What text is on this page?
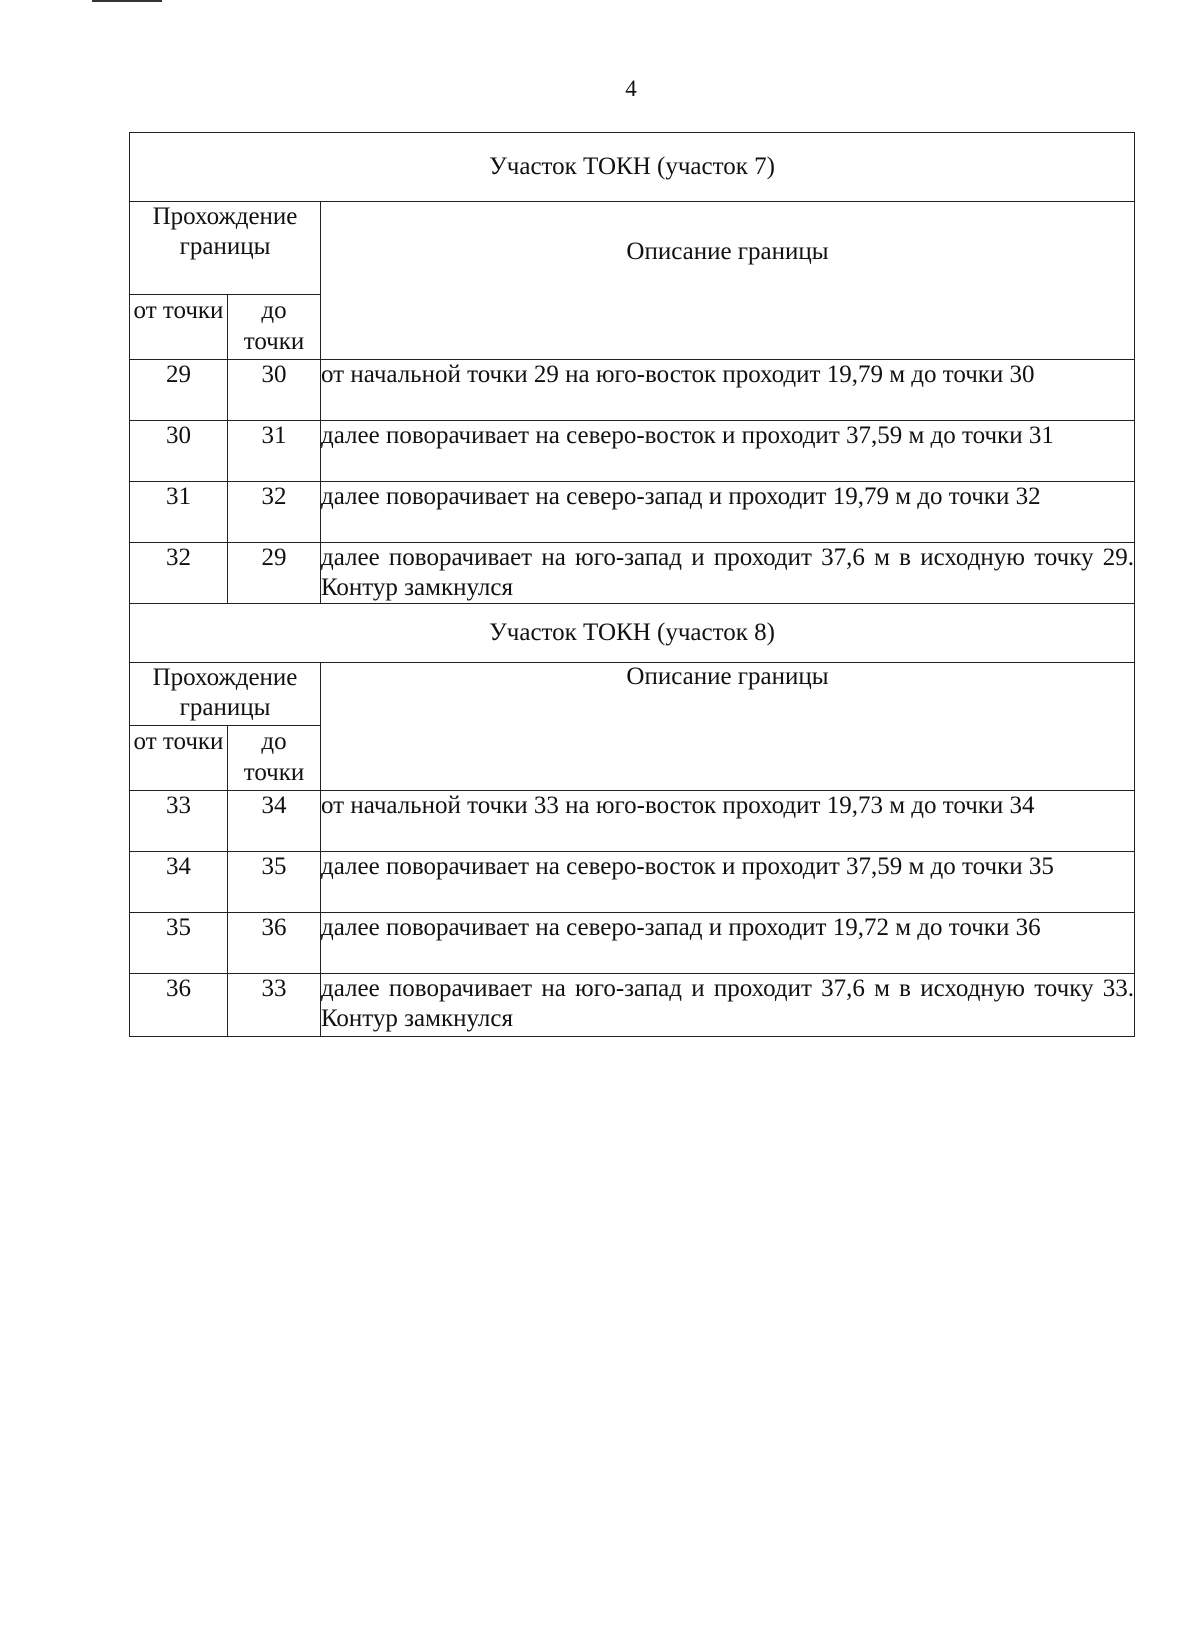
4
Участок ТОКН (участок 7)		
Прохождение границы		Описание границы
от точки	до точки	
29	30	от начальной точки 29 на юго-восток проходит 19,79 м до точки 30
30	31	далее поворачивает на северо-восток и проходит 37,59 м до точки 31
31	32	далее поворачивает на северо-запад и проходит 19,79 м до точки 32
32	29	далее поворачивает на юго-запад и проходит 37,6 м в исходную точку 29. Контур замкнулся
Участок ТОКН (участок 8)		
Прохождение границы		Описание границы
от точки	до точки	
33	34	от начальной точки 33 на юго-восток проходит 19,73 м до точки 34
34	35	далее поворачивает на северо-восток и проходит 37,59 м до точки 35
35	36	далее поворачивает на северо-запад и проходит 19,72 м до точки 36
36	33	далее поворачивает на юго-запад и проходит 37,6 м в исходную точку 33. Контур замкнулся
